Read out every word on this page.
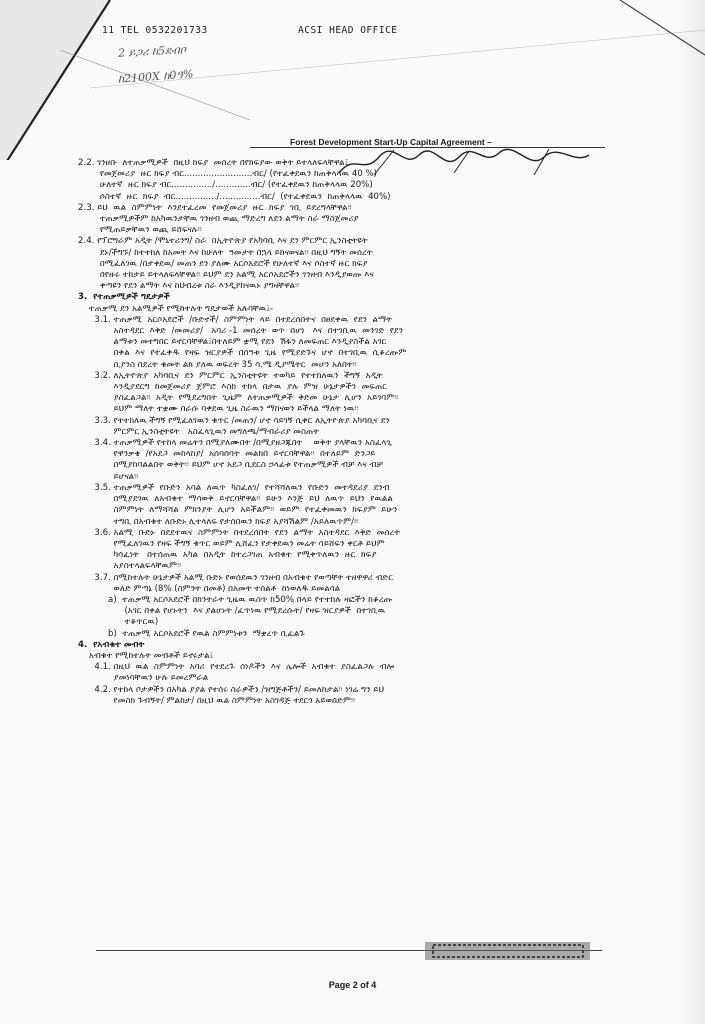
11 TEL 0532201733	ACSI HEAD OFFICE
2 ይጋሪ ከ5ደብቦ
ከ2100X ከ0ዓ%
Forest Development Start-Up Capital Agreement –
2.2. ገንዘቡ  ለተጠቃሚዎች  በዚህ ክፍያ  መሰረት በየክፍያው ወቅት ይተላለፍላቸዋል፤
የመጀመሪያ  ዙር ክፍያ ብር.........................ብር/ (የተፈቀደዉን ከጠቅላላዉ 40 %)
ሁለተኛ  ዙር ክፍያ ብር.............../.............ብር/ (የተፈቀደዉን ከጠቅላላዉ 20%)
ሶስተኛ  ዙር  ክፍያ  ብር.............../...............ብር/  (የተፈቀደዉን  ከጠቅላላዉ  40%)
2.3. ይህ  ዉል  ስምምነት  እንደተፈረመ  የመጀመሪያ  ዙር  ክፍያ  ገቢ  ይደረግላቸዋል፡፡
ተጠቃሚዎችም ከአካዉንታቸዉ ገንዘብ ወጪ ማድረግ ለደን ልማት ስራ ማስጀመሪያ
የሚጠይቃቸዉን ወጪ ይሸፍናሉ፡፡
2.4. የፕሮግራም አዲት /ሞኒተሪንግ/ ስራ  በኢትዮጵያ የአካባቢ እና ደን ምርምር ኢንስቲትዩት
ደኑ/ችግኙ/ ከተተከለ ከአመት እና ከሁለት  ዓመታት በኋላ ይከናወናል፡፡ በዚህ ግኝት መሰረት
በሚፈለገዉ /በታቀደዉ/ መጠን ደን ያለሙ አርሶአደሮች የሁለተኛ እና ሶስተኛ ዙር ክፍያ
በየዙሩ ተከታይ ይተላለፍላቸዋል፡፡ ይህም ደን አልሚ አርሶአደሮችን ገንዘብ እንዲያወጡ እና
ቀጣዩን የደን ልማት እና ከህብረቱ ስራ እንዲያከናዉኑ ያግዛቸዋል፡፡
3.  የተጠቃሚዎች ግዴታዎች
ተጠቃሚ ደን አልሚዎች የሚከተሉት ግዴታወች አሉባቸዉ፤-
3.1. ተጠቃሚ  አርሶአደሮች  /ቡድኖች/  ስምምነት  ላይ  በተደረሰበትና  በፀደቀዉ  የደን  ልማት
አስተዳደር  እቅድ  /መመሪያ/   አባሪ -1  መሰረት  ወጥ  በሆነ   እና  በተገቢዉ  መንገድ  የደን
ልማቱን መተግበር ይኖርባቸዋል፤በተለይም ቋሚ የደን  ሽፋን ለመፍጠር እንዲያስችል አገር
በቀል  እና  የተፈቀዱ  የዛፍ  ዝርያዎች  በሰዓቱ  ጊዜ  የሚያድጉና  ሆኖ  በተገቢዉ  ሲቆረጡም
ቢያንስ በደረት ቁመት ልክ ያለዉ ወፍረት 35 ሳ.ሜ ዲያሜትር  መሆን አለበት፡፡
3.2. ለኢትዮጵያ  አካባቢና  ደን  ምርምር  ኢንስቲትዩት  ተወካይ  የተተከለዉን  ችግኝ  አዲት
እንዲያደርግ  ከመጀመሪያ  ጀምሮ  እስከ  ተከላ  በታዉ  ያሉ  ምዝ  ሁኔታዎችን  መፍጠር
ያስፈልጋል፡፡  አዲት  የሚደረግበት  ጊዜም  ለተጠቃሚዎች  ቅድመ  ሁኔታ  ሊሆን  አይገባም፡፡
ይህም ማለት ተቋሙ በራሱ ባቀደዉ ጊዜ ስራዉን ማከናወን ይችላል ማለት ነዉ፡፡
3.3. የተተከለዉ ችግኝ የሚፈለገዉን ቁጥር /መጠን/ ሆኖ ሳይገኝ ሲቀር ለኢትዮጵያ አካባቢና ደን
ምርምር ኢንስቲትዩት   አስፈላጊዉን መግለጫ/ማብራሪያ መስጠት
3.4. ተጠቃሚዎች የተከላ መሬትን በሚያለሙበት /በሚያዘጋጁበት    ወቅት ያላቸዉን አስፈላጊ
የዋንቃቄ  /የአደጋ  መከላከያ/  አሰባሰባት  መልክበ  ይኖርባቸዋል፡፡  በተለይም  ድንጋይ
በሚያከባልልበት ወቅት፡፡ ይህም ሆኖ አደጋ ቢደርስ ኃላፊቱ የተጠቃሚዎች ብቻ እና ብቻ
ይሆናል፡፡
3.5. ተጠቃሚዎች  የቡድን  አባል  ለዉጥ  ካስፈለገ/  የተሻሻለዉን  የቡድን  መተዳደሪያ  ደንብ
በሚያደገዉ  ለአብቁተ  ማሳወቅ  ይኖርባቸዋል፡፡  ይሁን  እንጅ  ይህ  ለዉጥ  ይህን  የዉልል
ስምምነት  ለማሻሻል  ምክንያት  ሊሆን  አይችልም፡፡  ወይም  የተፈቀመዉን  ክፍያም  ይሁን
ተግቢ በአብቁተ ለቡድኑ ሊተላለፍ የታሰበዉን ክፍያ አያሻሽልም /አይለዉጥም/፡፡
3.6. አልሚ  ቡድኑ  በደደተዉና  ስምምነት  በተደረሰበት  የደን  ልማት  አስተዳደር  እቅድ  መሰረት
የሚፈለገዉን የዛፍ ችግኝ ቁጥር ወይም ሊሸፈን የታቀደዉን መሬት ሳይሸፍን ቀርቶ ይህም
ካሳፈነት   በተሰጠዉ  አካል  በአዲት  ከተረጋገጠ  አብቁተ  የሚቀጥለዉን  ዙር  ክፍያ
አያስተላልፍላቸዉም፡፡
3.7. በሚከተሉት ሁኔታዎች አልሚ ቡድኑ የወሰደዉን ገንዘብ በአብቁተ የወጣቸት ተዘዋዋሪ ብድር
ወለድ ምጣኔ (8% (ስምንት በመቶ) በአመት ተሰልቶ  ከነወለዱ ይመልሳል
a)  ተጠቃሚ አርሶአደሮች በክንትራት ጊዜዉ ዉስጥ ከ50% በላይ የተተከሉ ዛፎችን ከቆረጡ
(አገር በቀል የሆኑትን  እና ያልሆኑት /ፈጥነዉ የሚደረሱት/ የዛፍ ዝርያዎች  በተገቢዉ
ተቆጥርዉ)
b)  ተጠቃሚ አርሶአደሮች የዉል ስምምነቱን  ማቋረጥ ቢፈልጉ
4.  የአብቁተ መብት
አብቁተ የሚከተሉት መብቶች ይኖሩታል፤
4.1. በዚህ  ዉል  ስምምነት  አባሪ  የተደረጉ  ሰነዶችን  እና  ሌሎች  አብቁተ  ያስፈልጋሉ  ብሎ
ያመነባቸዉን ሁሉ ይመረምራል
4.2. የተከላ ቦታዎችን በአካል ያያል የተሰሩ ስራዎችን /ዝግጅቶችን/ ይመለከታል፡፡ ነገሬ ግን ይህ
የመስክ ጉብኝት/ ምልከታ/ በዚህ ዉል ስምምነት አስገዳጅ ተደርጎ አይወሰድም፡፡
Page 2 of 4
